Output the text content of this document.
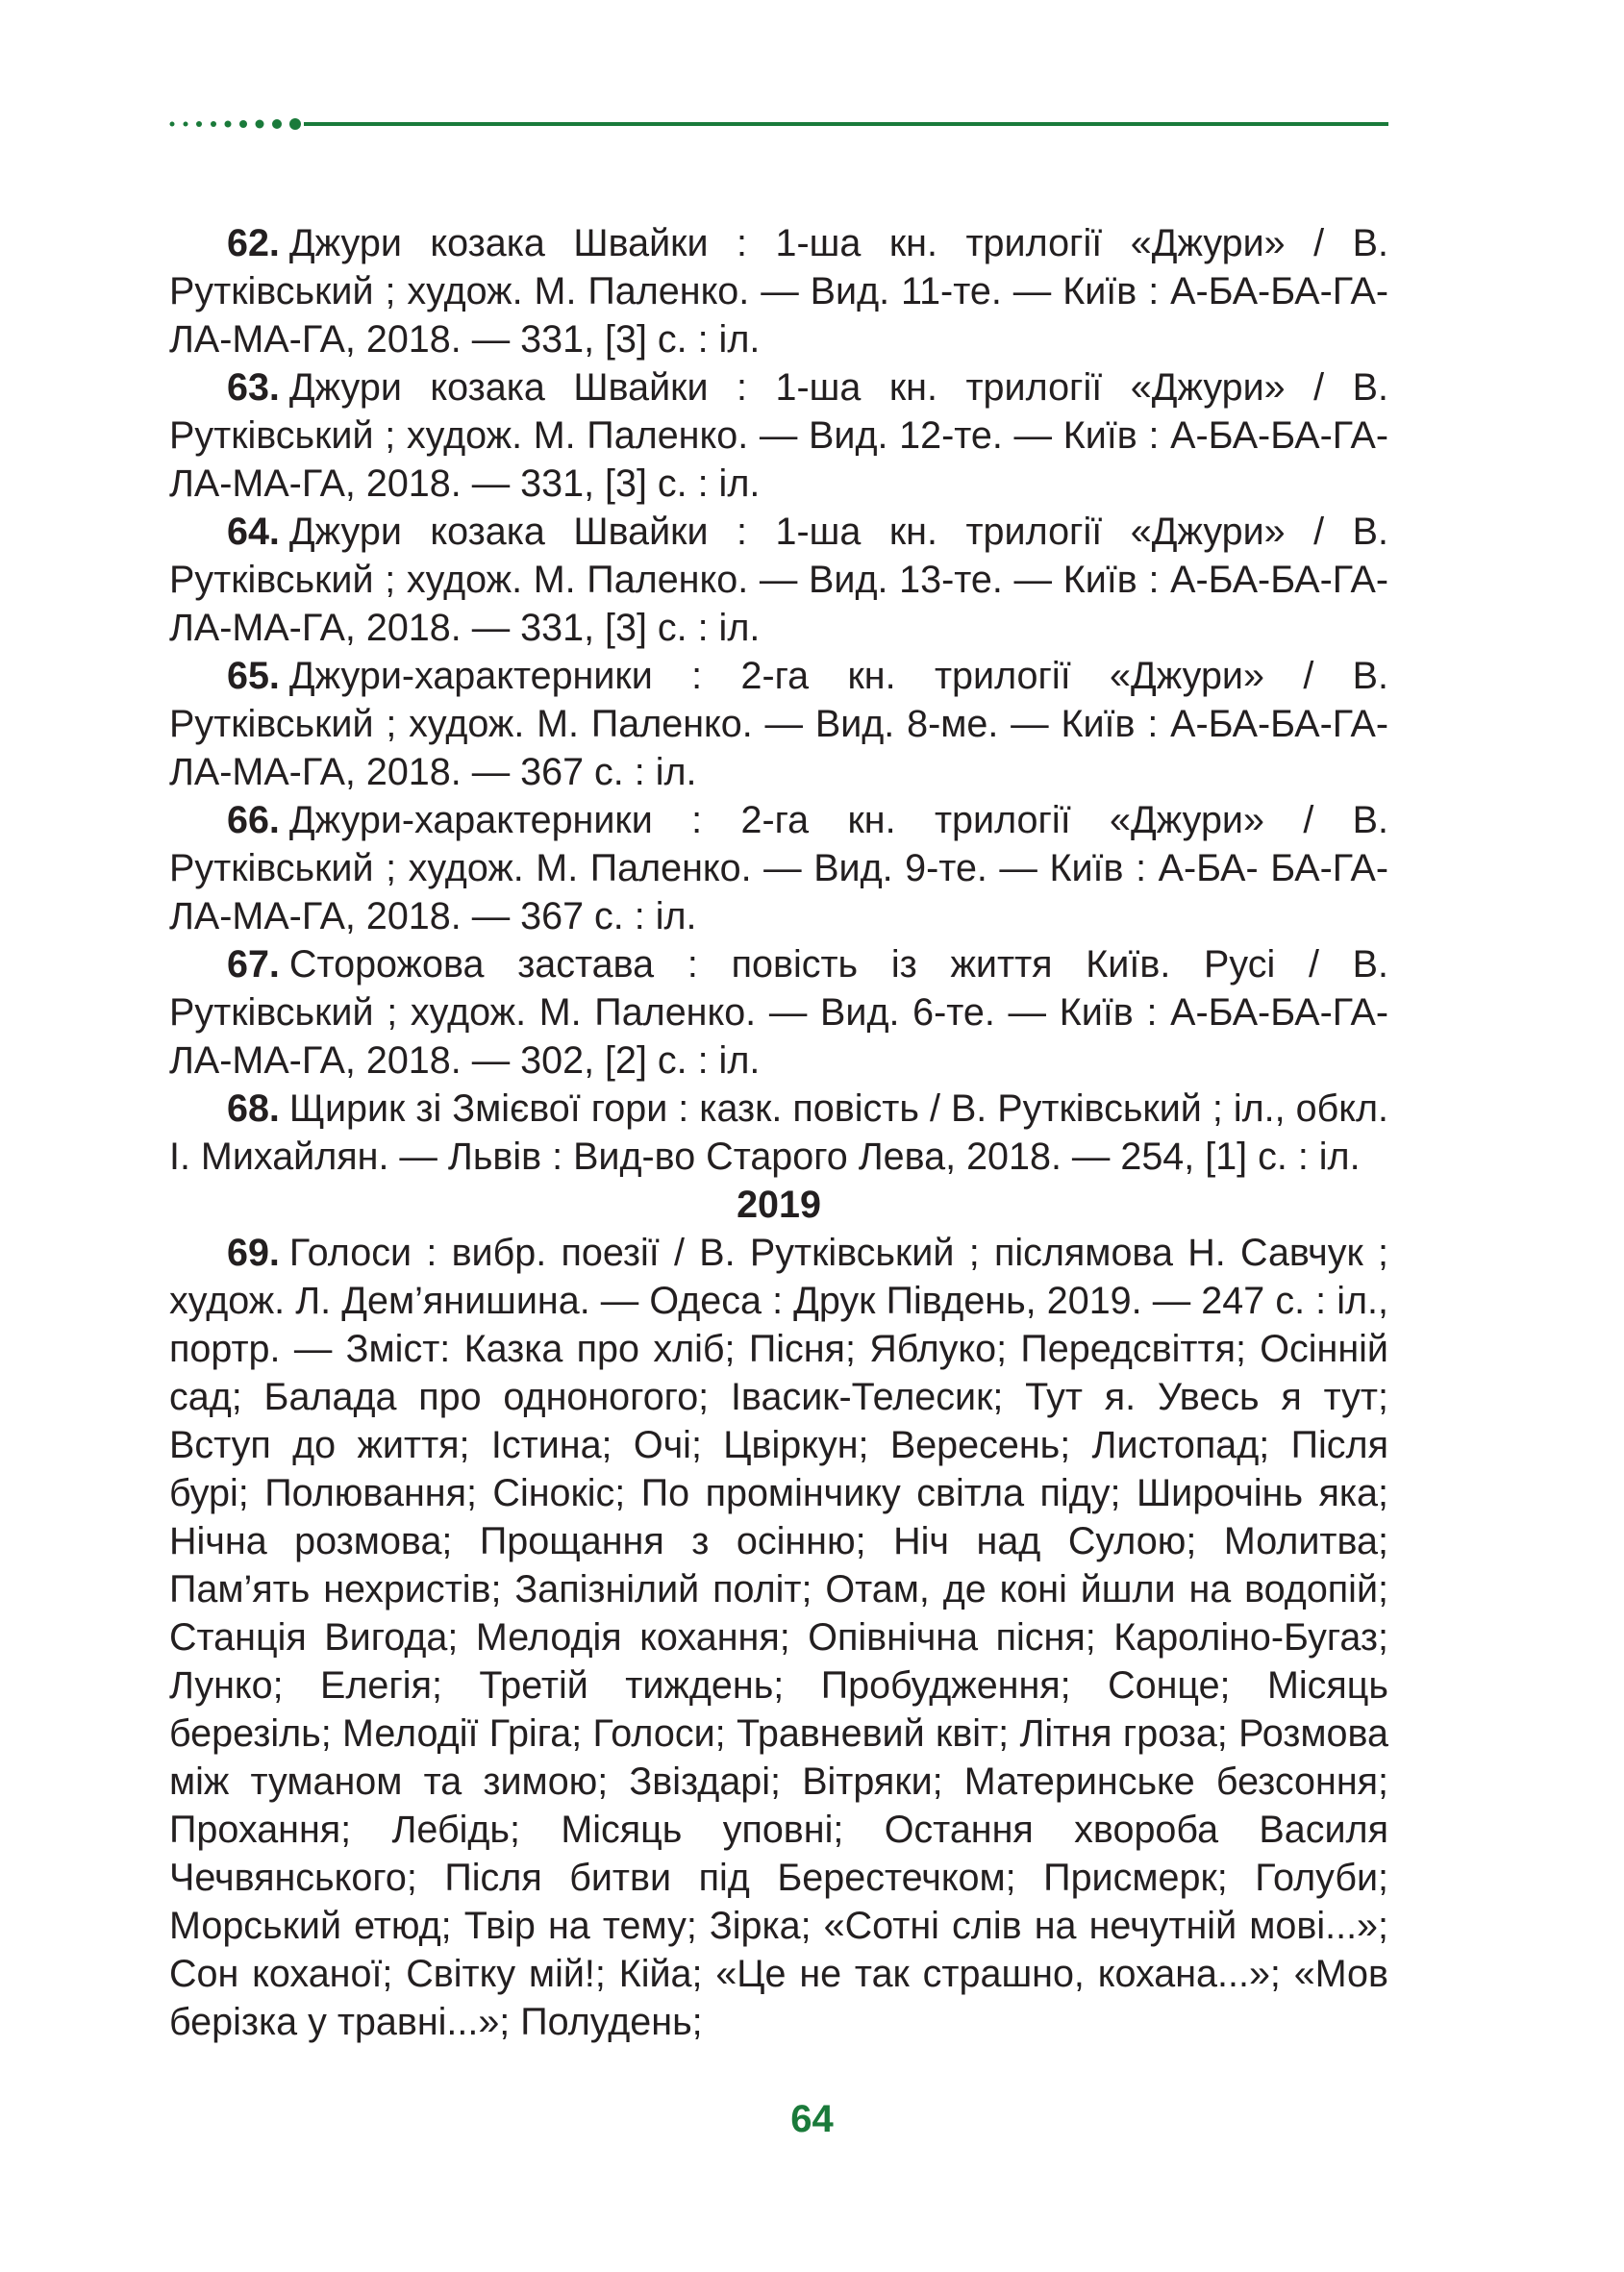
62. Джури козака Швайки : 1-ша кн. трилогії «Джури» / В. Рутківський ; худож. М. Паленко. — Вид. 11-те. — Київ : А-БА-БА-ГА-ЛА-МА-ГА, 2018. — 331, [3] с. : іл.

63. Джури козака Швайки : 1-ша кн. трилогії «Джури» / В. Рутківський ; худож. М. Паленко. — Вид. 12-те. — Київ : А-БА-БА-ГА-ЛА-МА-ГА, 2018. — 331, [3] с. : іл.

64. Джури козака Швайки : 1-ша кн. трилогії «Джури» / В. Рутківський ; худож. М. Паленко. — Вид. 13-те. — Київ : А-БА-БА-ГА-ЛА-МА-ГА, 2018. — 331, [3] с. : іл.

65. Джури-характерники : 2-га кн. трилогії «Джури» / В. Рутківський ; худож. М. Паленко. — Вид. 8-ме. — Київ : А-БА-БА-ГА-ЛА-МА-ГА, 2018. — 367 с. : іл.

66. Джури-характерники : 2-га кн. трилогії «Джури» / В. Рутківський ; худож. М. Паленко. — Вид. 9-те. — Київ : А-БА- БА-ГА-ЛА-МА-ГА, 2018. — 367 с. : іл.

67. Сторожова застава : повість із життя Київ. Русі / В. Рутківський ; худож. М. Паленко. — Вид. 6-те. — Київ : А-БА-БА-ГА-ЛА-МА-ГА, 2018. — 302, [2] с. : іл.

68. Щирик зі Змієвої гори : казк. повість / В. Рутківський ; іл., обкл. І. Михайлян. — Львів : Вид-во Старого Лева, 2018. — 254, [1] с. : іл.

2019

69. Голоси : вибр. поезії / В. Рутківський ; післямова Н. Савчук ; худож. Л. Дем’янишина. — Одеса : Друк Південь, 2019. — 247 с. : іл., портр. — Зміст: Казка про хліб; Пісня; Яблуко; Передсвіття; Осінній сад; Балада про одноногого; Івасик-Телесик; Тут я. Увесь я тут; Вступ до життя; Істина; Очі; Цвіркун; Вересень; Листопад; Після бурі; Полювання; Сінокіс; По промінчику світла піду; Широчінь яка; Нічна розмова; Прощання з осінню; Ніч над Сулою; Молитва; Пам’ять нехристів; Запізнілий політ; Отам, де коні йшли на водопій; Станція Вигода; Мелодія кохання; Опівнічна пісня; Кароліно-Бугаз; Лунко; Елегія; Третій тиждень; Пробудження; Сонце; Місяць березіль; Мелодії Гріга; Голоси; Травневий квіт; Літня гроза; Розмова між туманом та зимою; Звіздарі; Вітряки; Материнське безсоння; Прохання; Лебідь; Місяць уповні; Остання хвороба Василя Чечвянського; Після битви під Берестечком; Присмерк; Голуби; Морський етюд; Твір на тему; Зірка; «Сотні слів на нечутній мові...»; Сон коханої; Світку мій!; Кійа; «Це не так страшно, кохана...»; «Мов берізка у травні...»; Полудень;

64
